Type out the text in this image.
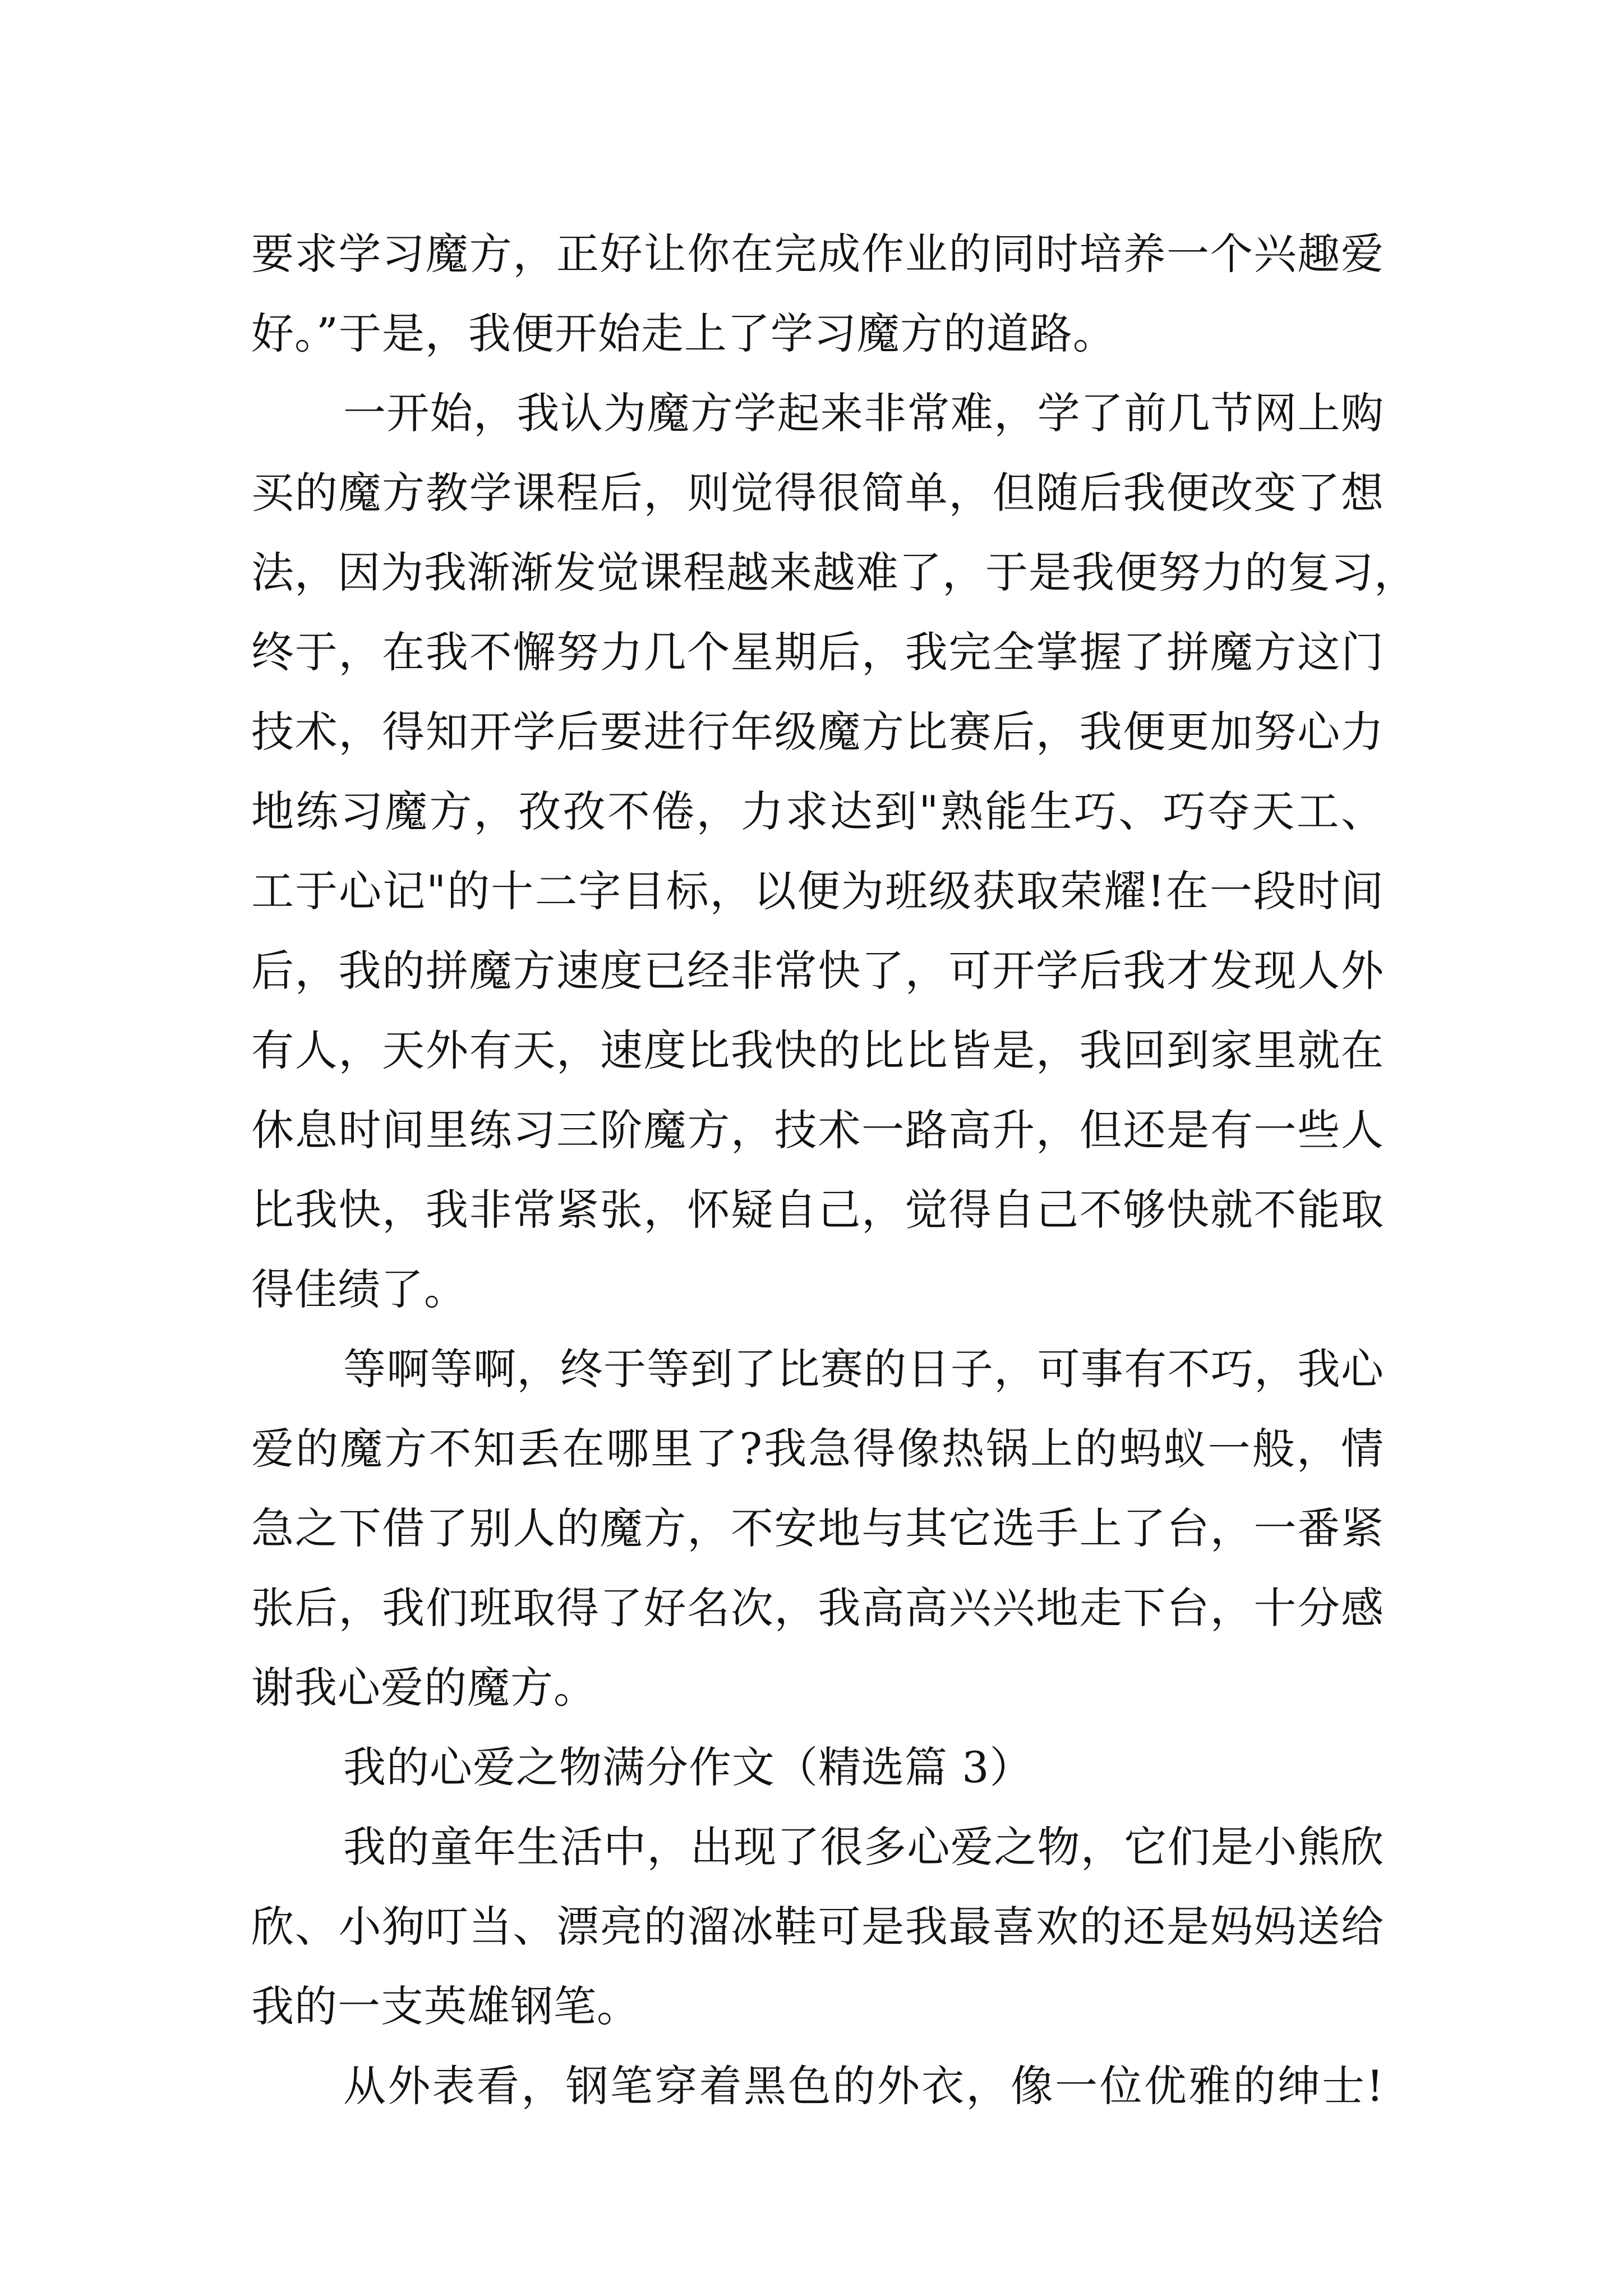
要求学习魔方，正好让你在完成作业的同时培养一个兴趣爱
好。”于是，我便开始走上了学习魔方的道路。
一开始，我认为魔方学起来非常难，学了前几节网上购
买的魔方教学课程后，则觉得很简单，但随后我便改变了想
法，因为我渐渐发觉课程越来越难了，于是我便努力的复习，
终于，在我不懈努力几个星期后，我完全掌握了拼魔方这门
技术，得知开学后要进行年级魔方比赛后，我便更加努心力
地练习魔方，孜孜不倦，力求达到"熟能生巧、巧夺天工、
工于心记"的十二字目标，以便为班级获取荣耀!在一段时间
后，我的拼魔方速度已经非常快了，可开学后我才发现人外
有人，天外有天，速度比我快的比比皆是，我回到家里就在
休息时间里练习三阶魔方，技术一路高升，但还是有一些人
比我快，我非常紧张，怀疑自己，觉得自己不够快就不能取
得佳绩了。
等啊等啊，终于等到了比赛的日子，可事有不巧，我心
爱的魔方不知丢在哪里了?我急得像热锅上的蚂蚁一般，情
急之下借了别人的魔方，不安地与其它选手上了台，一番紧
张后，我们班取得了好名次，我高高兴兴地走下台，十分感
谢我心爱的魔方。
我的心爱之物满分作文（精选篇 3）
我的童年生活中，出现了很多心爱之物，它们是小熊欣
欣、小狗叮当、漂亮的溜冰鞋可是我最喜欢的还是妈妈送给
我的一支英雄钢笔。
从外表看，钢笔穿着黑色的外衣，像一位优雅的绅士!
